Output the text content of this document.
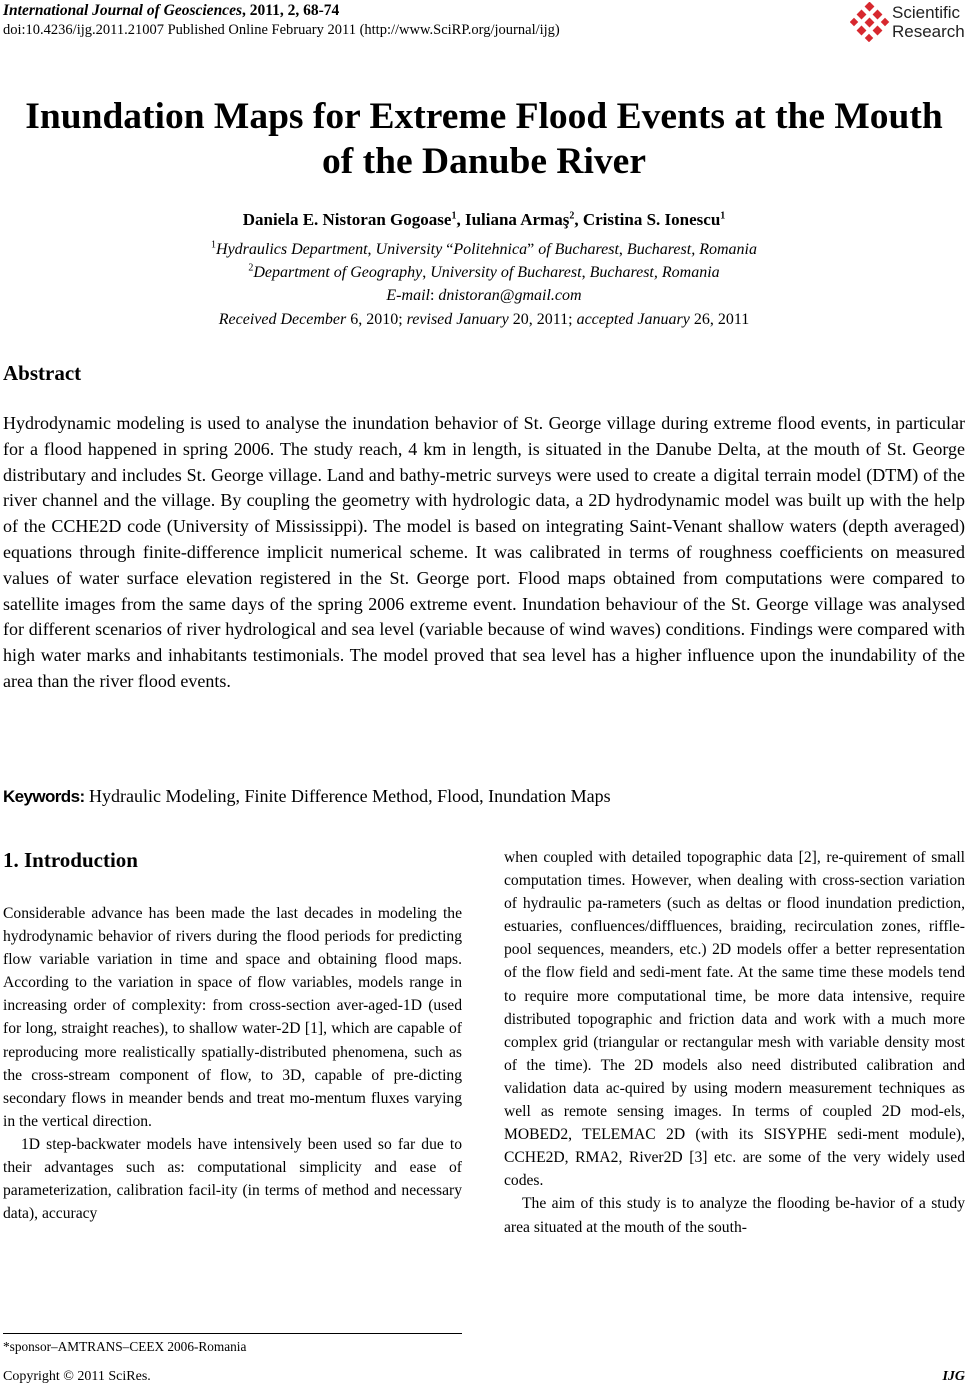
International Journal of Geosciences, 2011, 2, 68-74
doi:10.4236/ijg.2011.21007 Published Online February 2011 (http://www.SciRP.org/journal/ijg)
Scientific
Research
Inundation Maps for Extreme Flood Events at the Mouth
of the Danube River
Daniela E. Nistoran Gogoase$^1$, Iuliana Armaş$^2$, Cristina S. Ionescu$^1$
$^1$Hydraulics Department, University “Politehnica” of Bucharest, Bucharest, Romania
$^2$Department of Geography, University of Bucharest, Bucharest, Romania
E-mail: dnistoran@gmail.com
Received December 6, 2010; revised January 20, 2011; accepted January 26, 2011
Abstract
Hydrodynamic modeling is used to analyse the inundation behavior of St. George village during extreme flood events, in particular for a flood happened in spring 2006. The study reach, 4 km in length, is situated in the Danube Delta, at the mouth of St. George distributary and includes St. George village. Land and bathy-metric surveys were used to create a digital terrain model (DTM) of the river channel and the village. By coupling the geometry with hydrologic data, a 2D hydrodynamic model was built up with the help of the CCHE2D code (University of Mississippi). The model is based on integrating Saint-Venant shallow waters (depth averaged) equations through finite-difference implicit numerical scheme. It was calibrated in terms of roughness coefficients on measured values of water surface elevation registered in the St. George port. Flood maps obtained from computations were compared to satellite images from the same days of the spring 2006 extreme event. Inundation behaviour of the St. George village was analysed for different scenarios of river hydrological and sea level (variable because of wind waves) conditions. Findings were compared with high water marks and inhabitants testimonials. The model proved that sea level has a higher influence upon the inundability of the area than the river flood events.
Keywords: Hydraulic Modeling, Finite Difference Method, Flood, Inundation Maps
1. Introduction

Considerable advance has been made the last decades in modeling the hydrodynamic behavior of rivers during the flood periods for predicting flow variable variation in time and space and obtaining flood maps. According to the variation in space of flow variables, models range in increasing order of complexity: from cross-section aver-aged-1D (used for long, straight reaches), to shallow water-2D [1], which are capable of reproducing more realistically spatially-distributed phenomena, such as the cross-stream component of flow, to 3D, capable of pre-dicting secondary flows in meander bends and treat mo-mentum fluxes varying in the vertical direction.

1D step-backwater models have intensively been used so far due to their advantages such as: computational simplicity and ease of parameterization, calibration facil-ity (in terms of method and necessary data), accuracy

when coupled with detailed topographic data [2], re-quirement of small computation times. However, when dealing with cross-section variation of hydraulic pa-rameters (such as deltas or flood inundation prediction, estuaries, confluences/diffluences, braiding, recirculation zones, riffle-pool sequences, meanders, etc.) 2D models offer a better representation of the flow field and sedi-ment fate. At the same time these models tend to require more computational time, be more data intensive, require distributed topographic and friction data and work with a much more complex grid (triangular or rectangular mesh with variable density most of the time). The 2D models also need distributed calibration and validation data ac-quired by using modern measurement techniques as well as remote sensing images. In terms of coupled 2D mod-els, MOBED2, TELEMAC 2D (with its SISYPHE sedi-ment module), CCHE2D, RMA2, River2D [3] etc. are some of the very widely used codes.

The aim of this study is to analyze the flooding be-havior of a study area situated at the mouth of the south-

*sponsor–AMTRANS–CEEX 2006-Romania
Copyright © 2011 SciRes.	IJG
